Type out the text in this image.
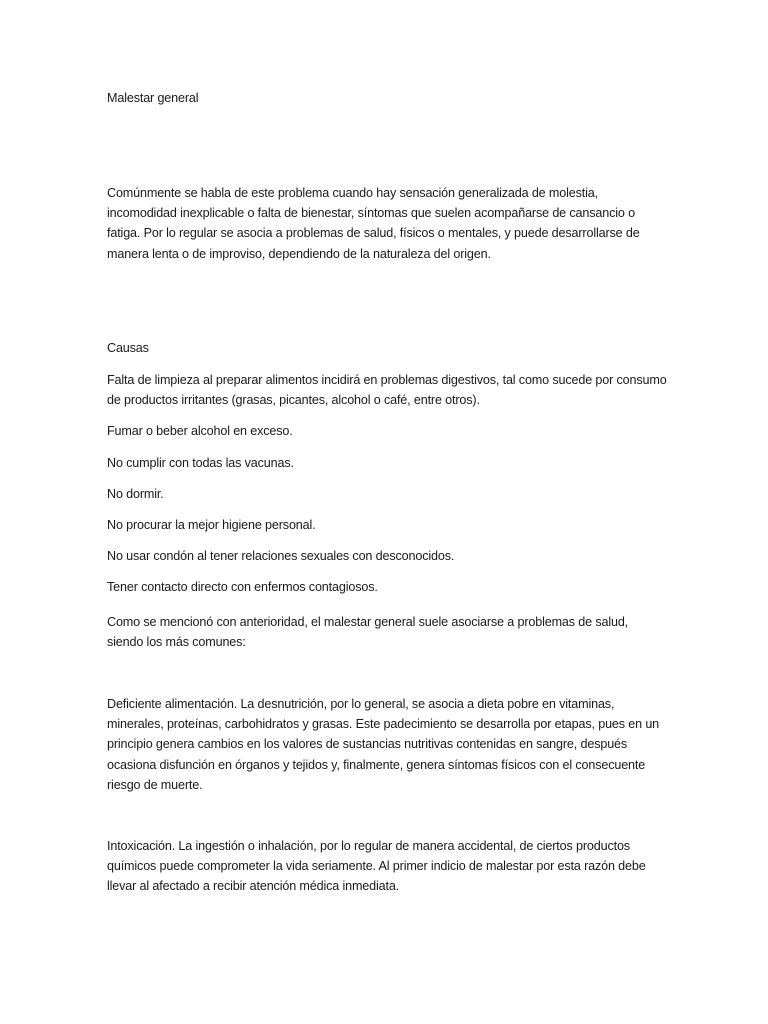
Malestar general

Comúnmente se habla de este problema cuando hay sensación generalizada de molestia, incomodidad inexplicable o falta de bienestar, síntomas que suelen acompañarse de cansancio o fatiga. Por lo regular se asocia a problemas de salud, físicos o mentales, y puede desarrollarse de manera lenta o de improviso, dependiendo de la naturaleza del origen.

Causas

Falta de limpieza al preparar alimentos incidirá en problemas digestivos, tal como sucede por consumo de productos irritantes (grasas, picantes, alcohol o café, entre otros).
Fumar o beber alcohol en exceso.
No cumplir con todas las vacunas.
No dormir.
No procurar la mejor higiene personal.
No usar condón al tener relaciones sexuales con desconocidos.
Tener contacto directo con enfermos contagiosos.

Como se mencionó con anterioridad, el malestar general suele asociarse a problemas de salud, siendo los más comunes:

Deficiente alimentación. La desnutrición, por lo general, se asocia a dieta pobre en vitaminas, minerales, proteínas, carbohidratos y grasas. Este padecimiento se desarrolla por etapas, pues en un principio genera cambios en los valores de sustancias nutritivas contenidas en sangre, después ocasiona disfunción en órganos y tejidos y, finalmente, genera síntomas físicos con el consecuente riesgo de muerte.

Intoxicación. La ingestión o inhalación, por lo regular de manera accidental, de ciertos productos químicos puede comprometer la vida seriamente. Al primer indicio de malestar por esta razón debe llevar al afectado a recibir atención médica inmediata.
